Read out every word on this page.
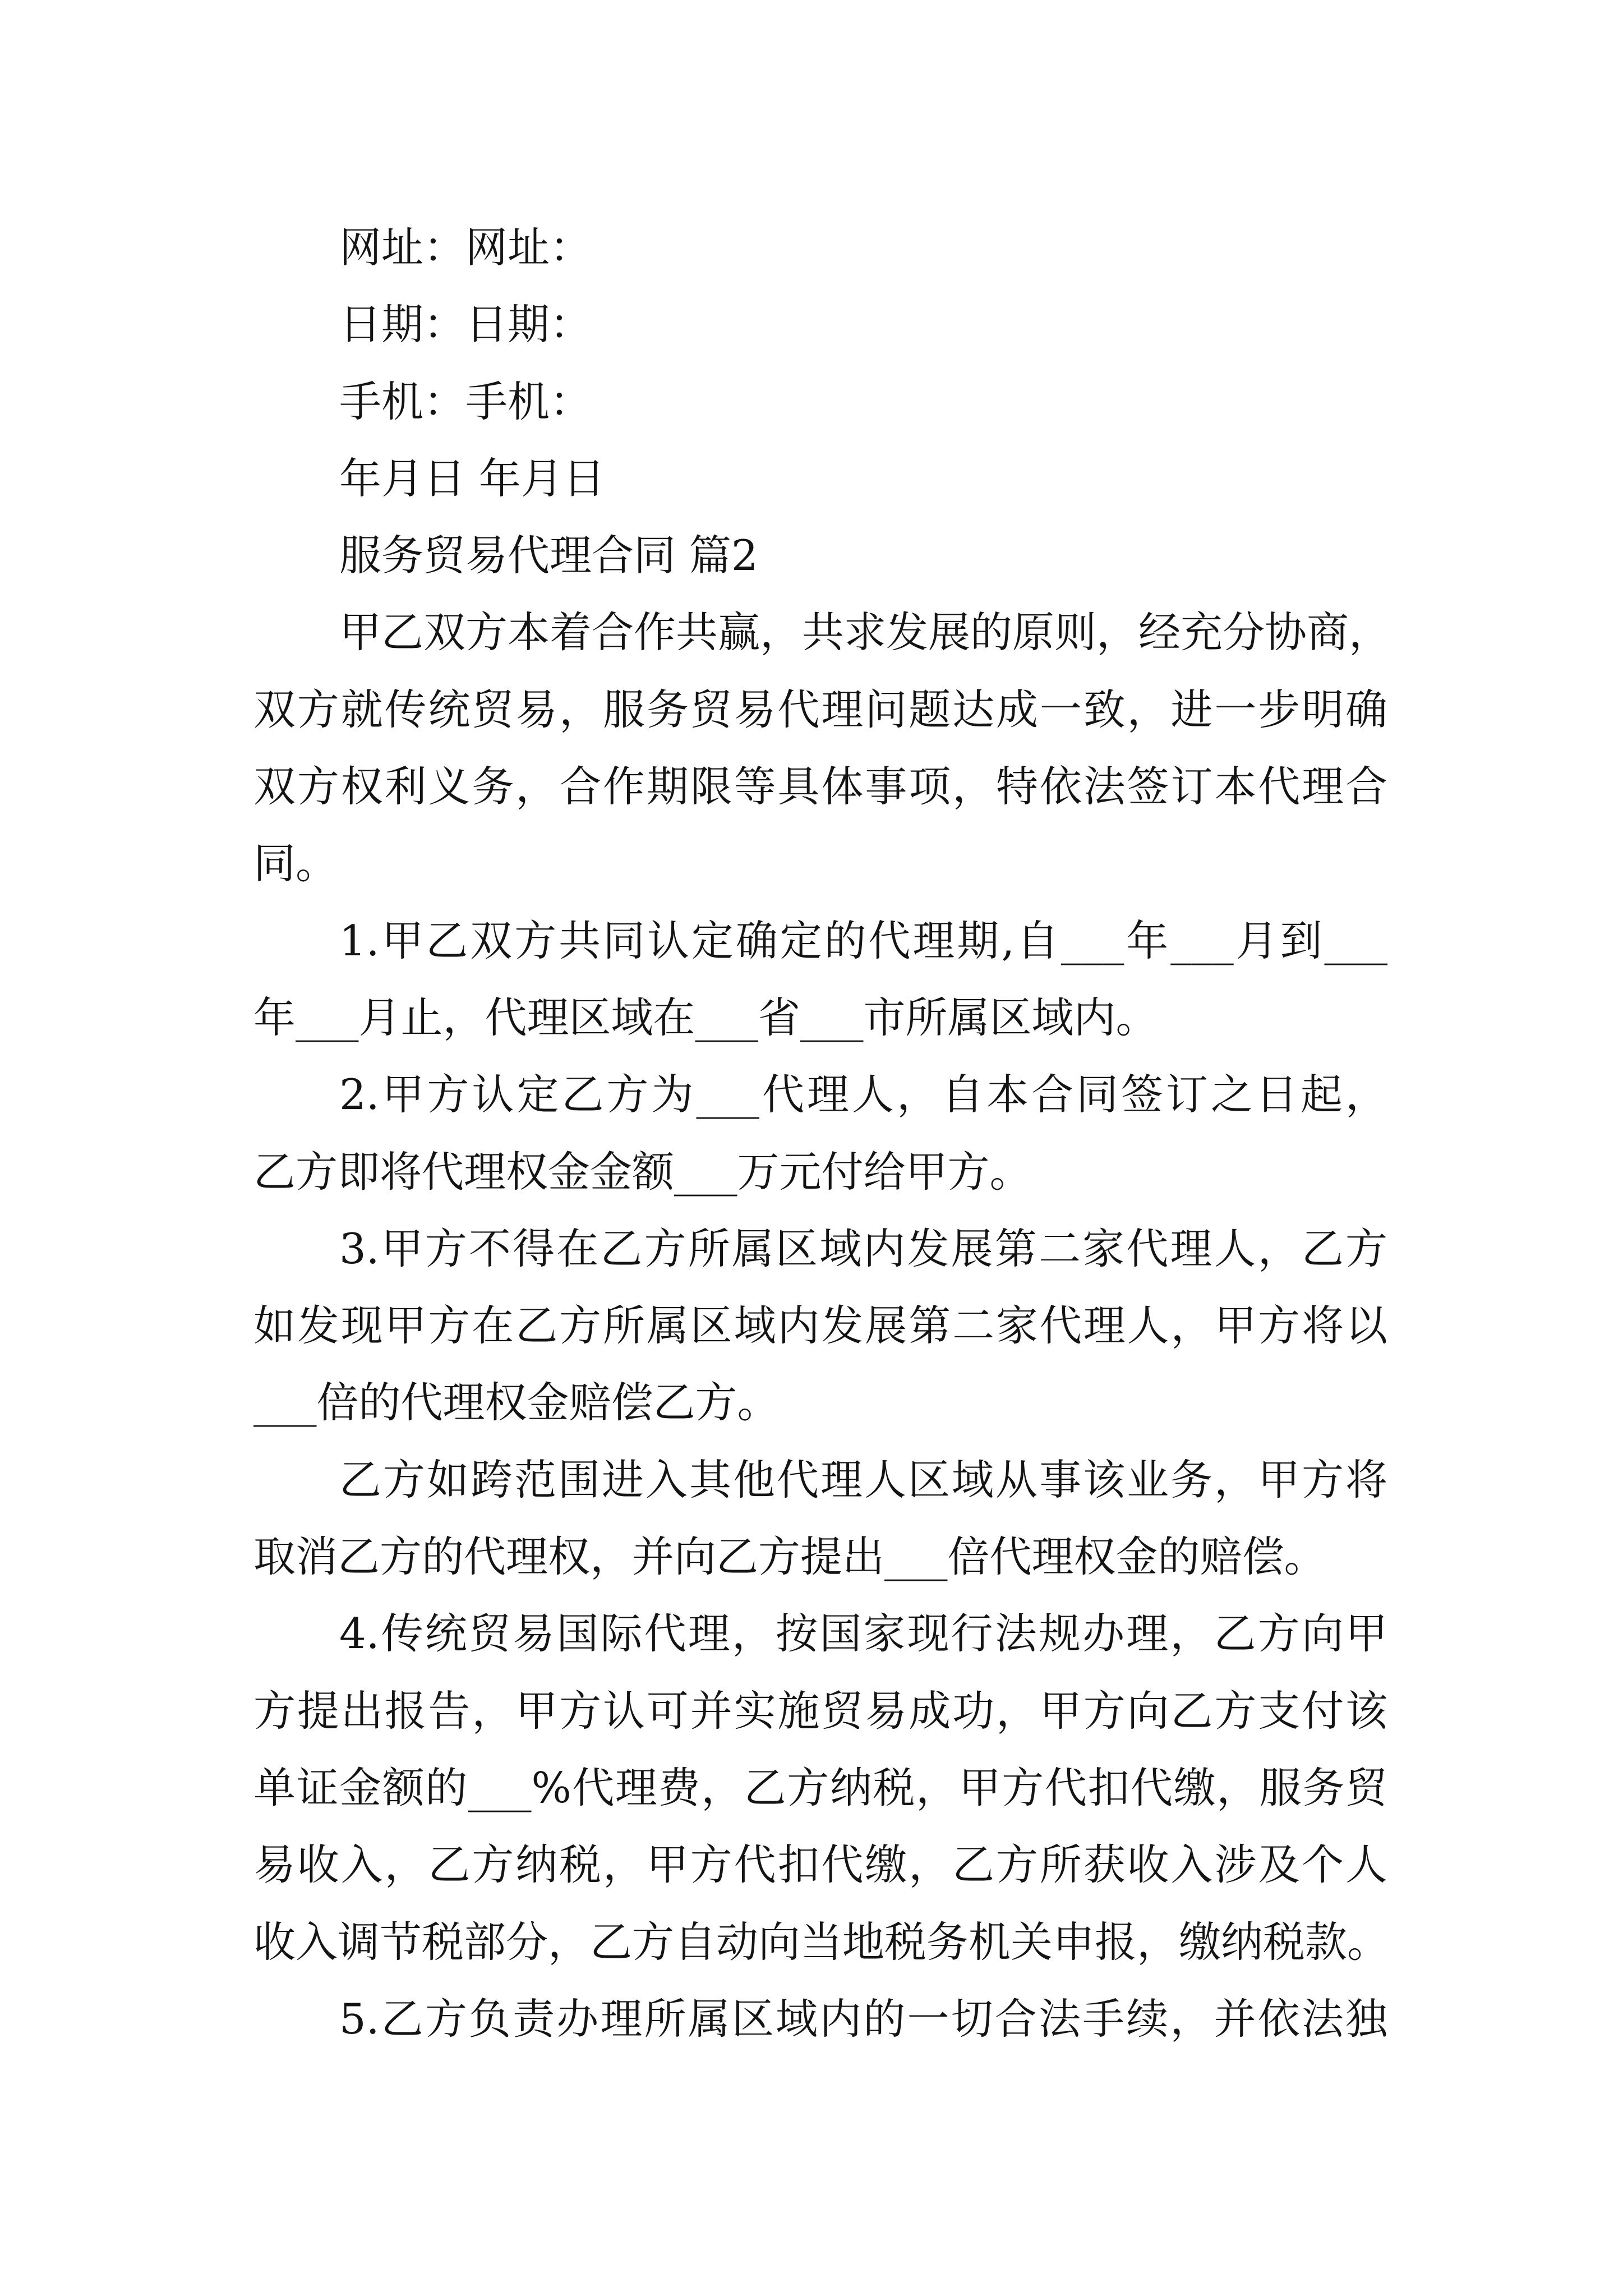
网址：网址：
日期：日期：
手机：手机：
年月日 年月日
服务贸易代理合同 篇2
甲乙双方本着合作共赢，共求发展的原则，经充分协商，
双方就传统贸易，服务贸易代理问题达成一致，进一步明确
双方权利义务，合作期限等具体事项，特依法签订本代理合
同。
1.甲乙双方共同认定确定的代理期,自___年___月到___
年___月止，代理区域在___省___市所属区域内。
2.甲方认定乙方为___代理人，自本合同签订之日起，
乙方即将代理权金金额___万元付给甲方。
3.甲方不得在乙方所属区域内发展第二家代理人，乙方
如发现甲方在乙方所属区域内发展第二家代理人，甲方将以
___倍的代理权金赔偿乙方。
乙方如跨范围进入其他代理人区域从事该业务，甲方将
取消乙方的代理权，并向乙方提出___倍代理权金的赔偿。
4.传统贸易国际代理，按国家现行法规办理，乙方向甲
方提出报告，甲方认可并实施贸易成功，甲方向乙方支付该
单证金额的___%代理费，乙方纳税，甲方代扣代缴，服务贸
易收入，乙方纳税，甲方代扣代缴，乙方所获收入涉及个人
收入调节税部分，乙方自动向当地税务机关申报，缴纳税款。
5.乙方负责办理所属区域内的一切合法手续，并依法独
